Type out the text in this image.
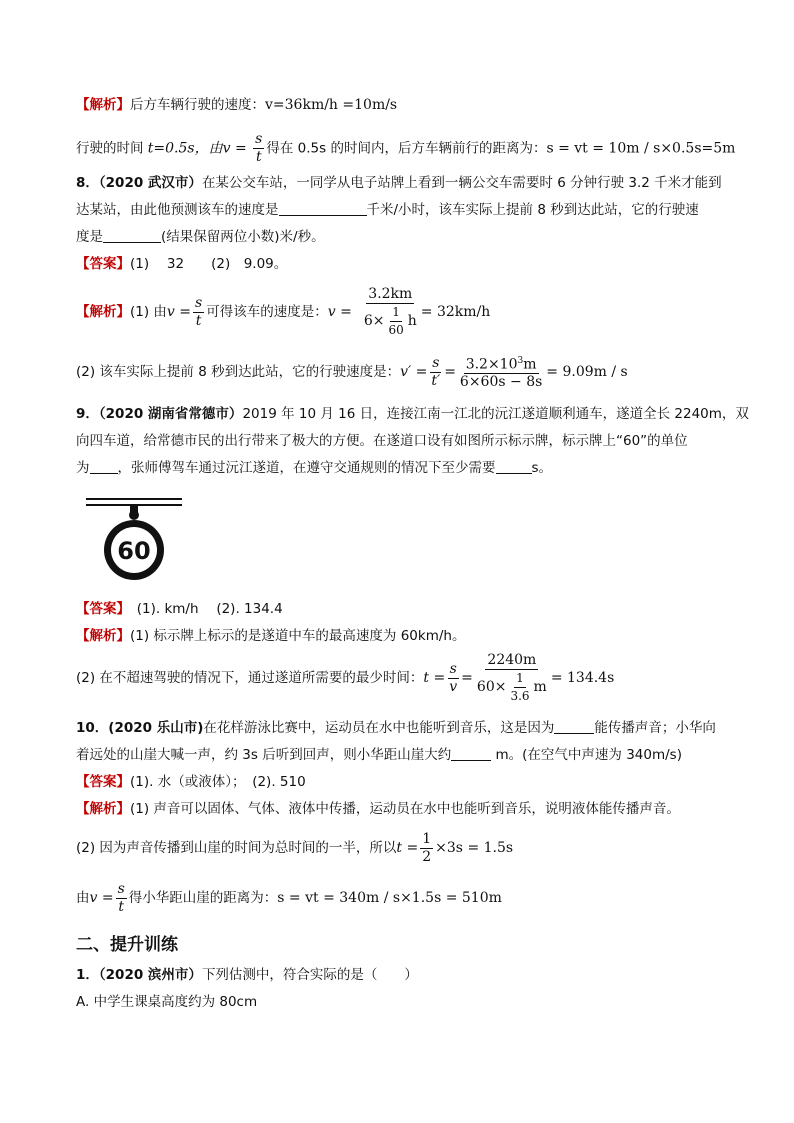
【解析】后方车辆行驶的速度：v=36km/h =10m/s
行驶的时间 t=0.5s，由$v = \frac{s}{t}$ 得在 0.5s 的时间内，后方车辆前行的距离为：s = vt = 10m / s×0.5s=5m
8．（2020 武汉市）在某公交车站，一同学从电子站牌上看到一辆公交车需要时 6 分钟行驶 3.2 千米才能到
达某站，由此他预测该车的速度是	千米/小时，该车实际上提前 8 秒到达此站，它的行驶速
度是	(结果保留两位小数)米/秒。
【答案】(1)　 32　　(2)　9.09。
【解析】 (1) 由 $v = \frac{s}{t}$ 可得该车的速度是： $v = \frac{3.2km}{6\times \frac{1}{60} h} = 32km/h$
(2) 该车实际上提前 8 秒到达此站，它的行驶速度是： $v' = \frac{s}{t'} = \frac{3.2\times 10^3m}{6\times 60s - 8s} = 9.09m / s$
9．（2020 湖南省常德市）2019 年 10 月 16 日，连接江南一江北的沅江遂道顺利通车，遂道全长 2240m，双
向四车道，给常德市民的出行带来了极大的方便。在遂道口设有如图所示标示牌，标示牌上“60”的单位
为 ，张师傅驾车通过沅江遂道，在遵守交通规则的情况下至少需要	s。
60
【答案】　(1). km/h　 (2). 134.4
【解析】(1) 标示牌上标示的是遂道中车的最高速度为 60km/h。
(2) 在不超速驾驶的情况下，通过遂道所需要的最少时间： $t = \frac{s}{v} = \frac{2240m}{60\times \frac{1}{3.6} m} = 134.4s$
10．(2020 乐山市)在花样游泳比赛中，运动员在水中也能听到音乐，这是因为	能传播声音；小华向
着远处的山崖大喊一声，约 3s 后听到回声，则小华距山崖大约	m。(在空气中声速为 340m/s)
【答案】(1). 水（或液体）；　(2). 510
【解析】(1) 声音可以固体、气体、液体中传播，运动员在水中也能听到音乐，说明液体能传播声音。
(2) 因为声音传播到山崖的时间为总时间的一半，所以 $t = \frac{1}{2} \times 3s = 1.5s$
由 $v = \frac{s}{t}$ 得小华距山崖的距离为： s = vt = 340m / s×1.5s = 510m
二、提升训练
1．（2020 滨州市）下列估测中，符合实际的是（　　）
A. 中学生课桌高度约为 80cm
